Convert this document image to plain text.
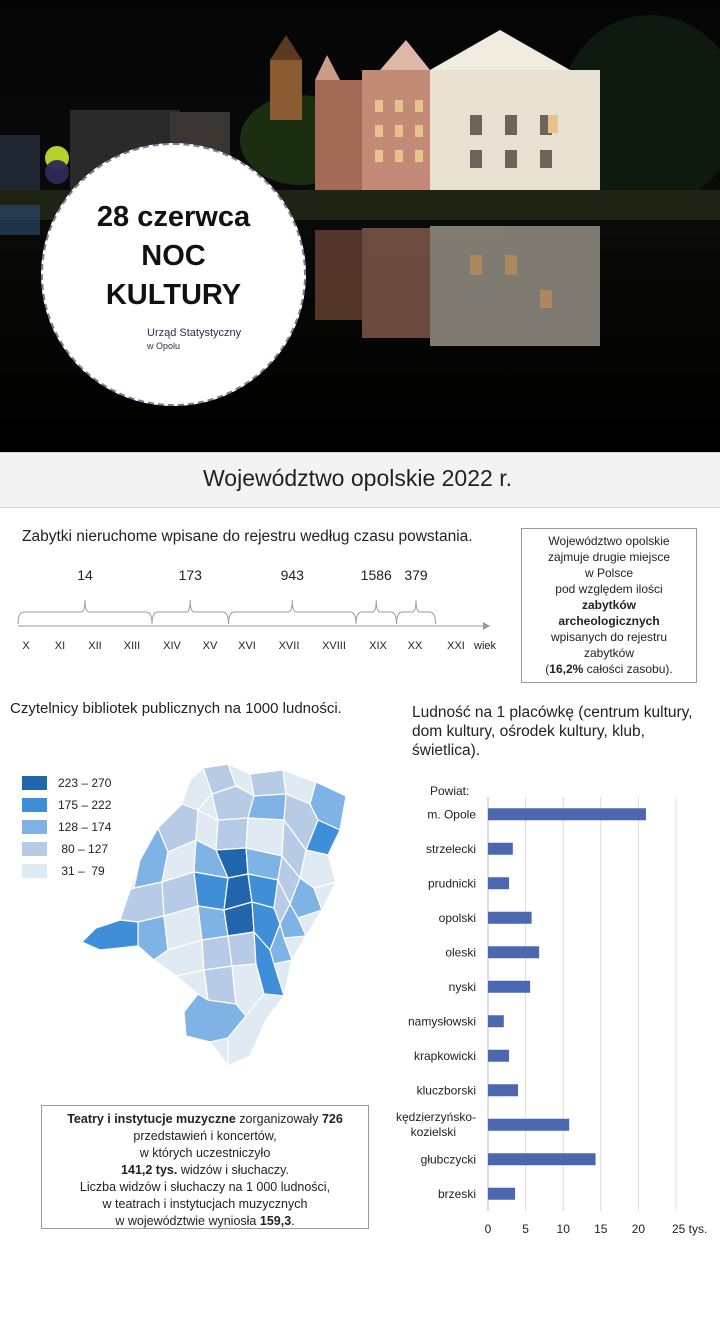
28 czerwca
NOC
KULTURY
Urząd Statystyczny
w Opolu
Województwo opolskie 2022 r.
Zabytki nieruchome wpisane do rejestru według czasu powstania.
14	173	943	1586 379
X XI XII XIII XIV XV XVI XVII XVIII XIX XX XXI wiek
Województwo opolskie
zajmuje drugie miejsce
w Polsce
pod względem ilości
zabytków
archeologicznych
wpisanych do rejestru
zabytków
(16,2% całości zasobu).
Czytelnicy bibliotek publicznych na 1000 ludności.
223 – 270
175 – 222
128 – 174
80 – 127
31 –  79
Teatry i instytucje muzyczne zorganizowały 726
przedstawień i koncertów,
w których uczestniczyło
141,2 tys. widzów i słuchaczy.
Liczba widzów i słuchaczy na 1 000 ludności,
w teatrach i instytucjach muzycznych
w województwie wyniosła 159,3.
Ludność na 1 placówkę (centrum kultury, dom kultury, ośrodek kultury, klub, świetlica).
Powiat:
m. Opole
strzelecki
prudnicki
opolski
oleski
nyski
namysłowski
krapkowicki
kluczborski
kędzierzyńsko-kozielski
głubczycki
brzeski
0	5 10 15 20 25 tys.
